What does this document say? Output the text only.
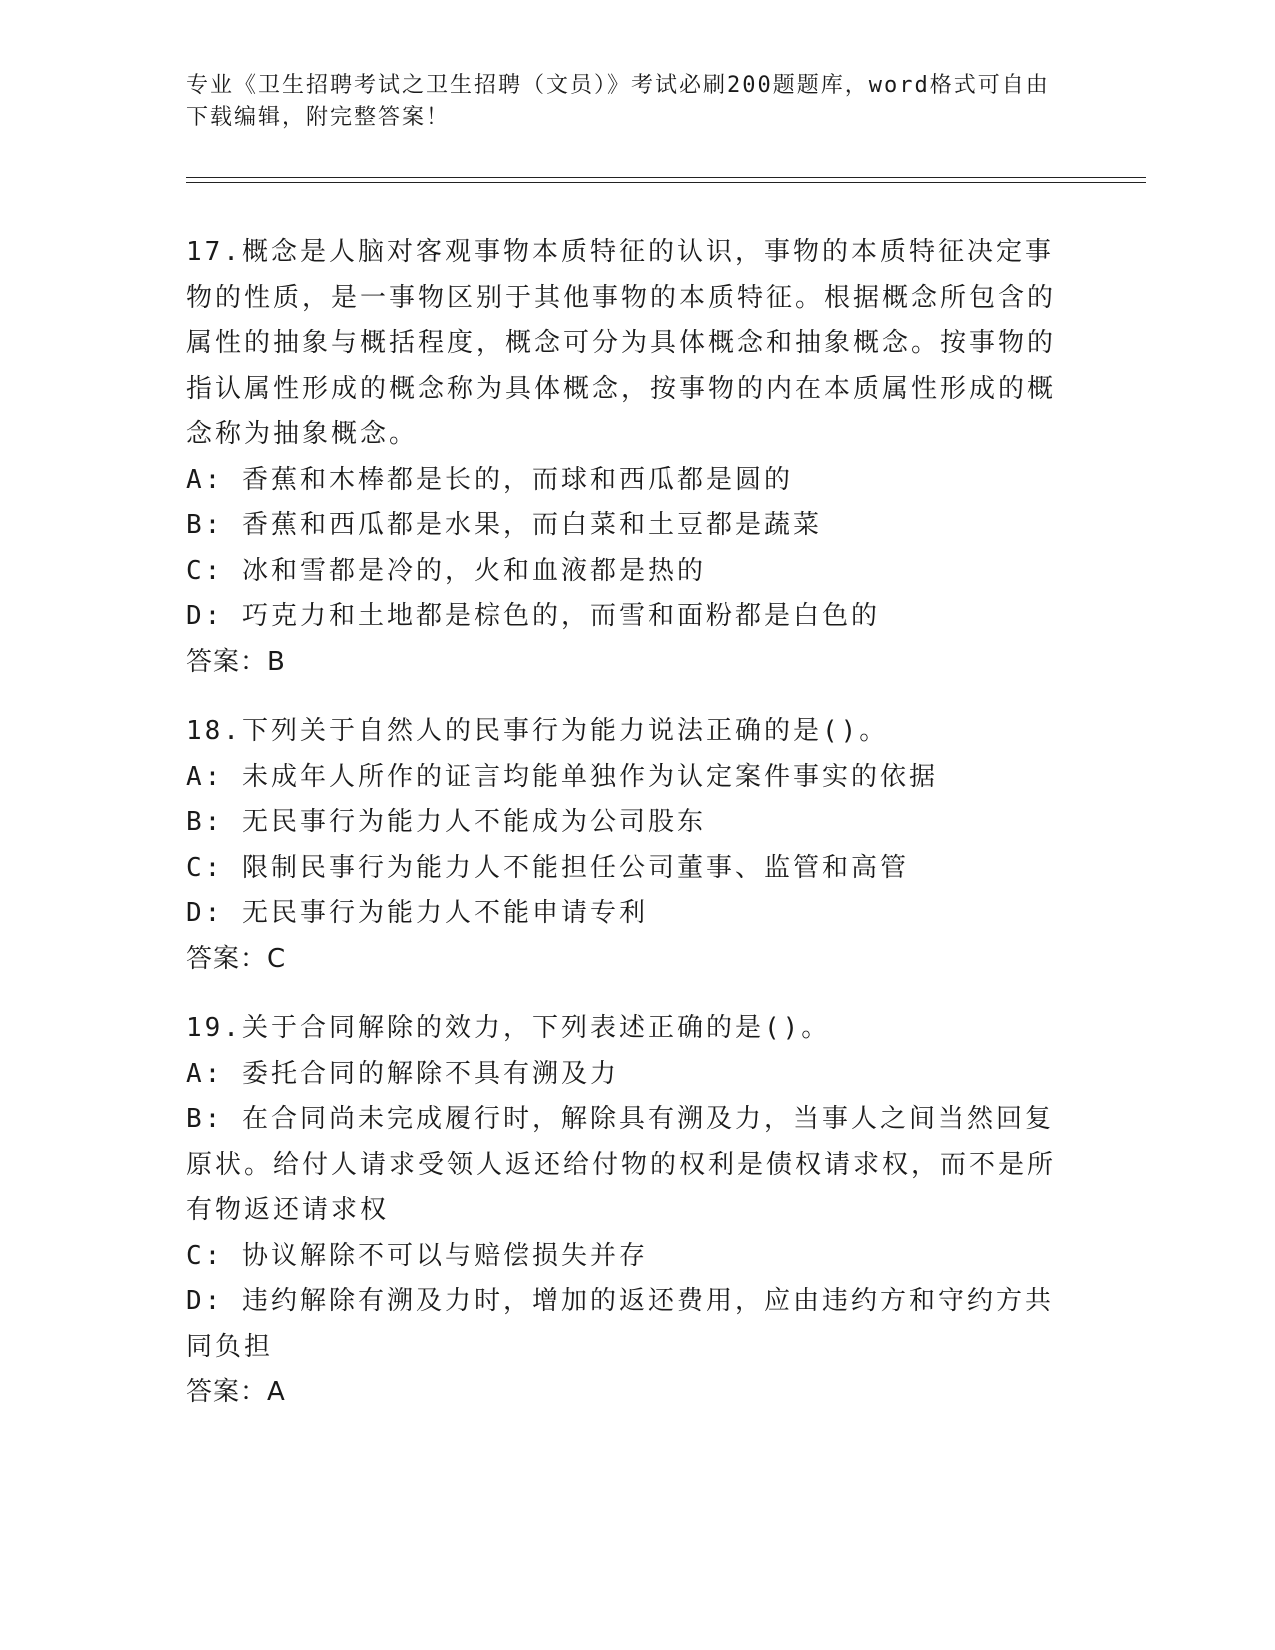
专业《卫生招聘考试之卫生招聘（文员）》考试必刷200题题库，word格式可自由下载编辑，附完整答案！

17.概念是人脑对客观事物本质特征的认识，事物的本质特征决定事物的性质，是一事物区别于其他事物的本质特征。根据概念所包含的属性的抽象与概括程度，概念可分为具体概念和抽象概念。按事物的指认属性形成的概念称为具体概念，按事物的内在本质属性形成的概念称为抽象概念。

A: 香蕉和木棒都是长的，而球和西瓜都是圆的

B: 香蕉和西瓜都是水果，而白菜和土豆都是蔬菜

C: 冰和雪都是冷的，火和血液都是热的

D: 巧克力和土地都是棕色的，而雪和面粉都是白色的

答案：B

18.下列关于自然人的民事行为能力说法正确的是()。

A: 未成年人所作的证言均能单独作为认定案件事实的依据

B: 无民事行为能力人不能成为公司股东

C: 限制民事行为能力人不能担任公司董事、监管和高管

D: 无民事行为能力人不能申请专利

答案：C

19.关于合同解除的效力，下列表述正确的是()。

A: 委托合同的解除不具有溯及力

B: 在合同尚未完成履行时，解除具有溯及力，当事人之间当然回复原状。给付人请求受领人返还给付物的权利是债权请求权，而不是所有物返还请求权

C: 协议解除不可以与赔偿损失并存

D: 违约解除有溯及力时，增加的返还费用，应由违约方和守约方共同负担

答案：A
